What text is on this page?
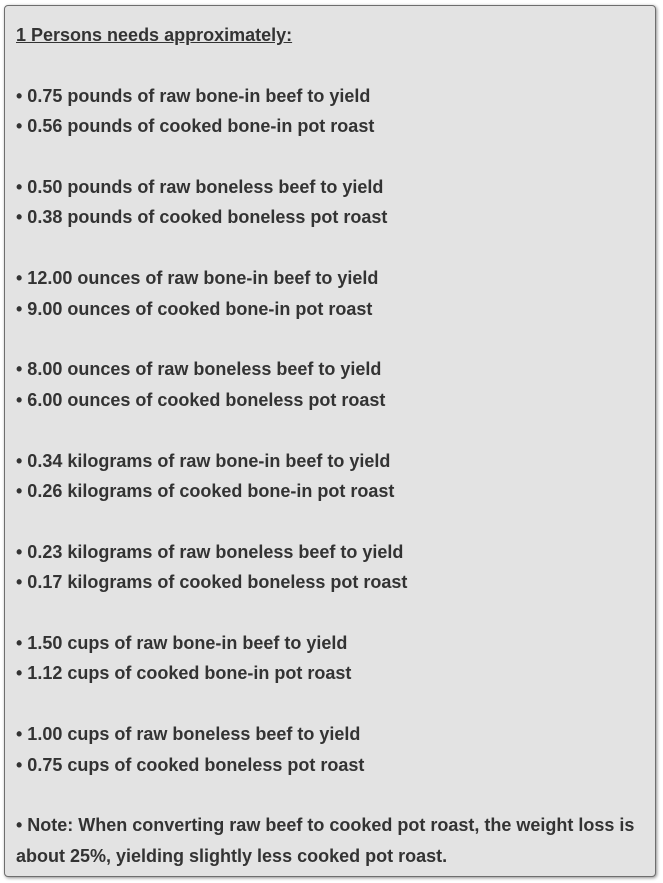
1 Persons needs approximately:
• 0.75 pounds of raw bone-in beef to yield
• 0.56 pounds of cooked bone-in pot roast
• 0.50 pounds of raw boneless beef to yield
• 0.38 pounds of cooked boneless pot roast
• 12.00 ounces of raw bone-in beef to yield
• 9.00 ounces of cooked bone-in pot roast
• 8.00 ounces of raw boneless beef to yield
• 6.00 ounces of cooked boneless pot roast
• 0.34 kilograms of raw bone-in beef to yield
• 0.26 kilograms of cooked bone-in pot roast
• 0.23 kilograms of raw boneless beef to yield
• 0.17 kilograms of cooked boneless pot roast
• 1.50 cups of raw bone-in beef to yield
• 1.12 cups of cooked bone-in pot roast
• 1.00 cups of raw boneless beef to yield
• 0.75 cups of cooked boneless pot roast
• Note: When converting raw beef to cooked pot roast, the weight loss is about 25%, yielding slightly less cooked pot roast.
